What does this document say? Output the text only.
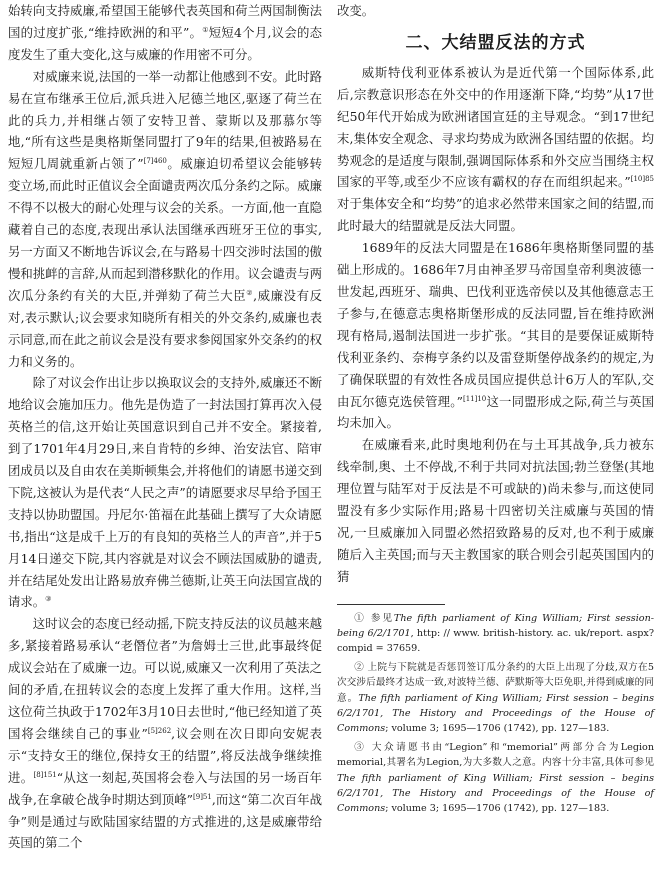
始转向支持威廉,希望国王能够代表英国和荷兰两国制衡法国的过度扩张,“维持欧洲的和平”。①短短4个月,议会的态度发生了重大变化,这与威廉的作用密不可分。

对威廉来说,法国的一举一动都让他感到不安。此时路易在宣布继承王位后,派兵进入尼德兰地区,驱逐了荷兰在此的兵力,并相继占领了安特卫普、蒙斯以及那慕尔等地,“所有这些是奥格斯堡同盟打了9年的结果,但被路易在短短几周就重新占领了”$^{[7]460}$。威廉迫切希望议会能够转变立场,而此时正值议会全面谴责两次瓜分条约之际。威廉不得不以极大的耐心处理与议会的关系。一方面,他一直隐藏着自己的态度,表现出承认法国继承西班牙王位的事实,另一方面又不断地告诉议会,在与路易十四交涉时法国的傲慢和挑衅的言辞,从而起到潜移默化的作用。议会谴责与两次瓜分条约有关的大臣,并弹劾了荷兰大臣②,威廉没有反对,表示默认;议会要求知晓所有相关的外交条约,威廉也表示同意,而在此之前议会是没有要求参阅国家外交条约的权力和义务的。

除了对议会作出让步以换取议会的支持外,威廉还不断地给议会施加压力。他先是伪造了一封法国打算再次入侵英格兰的信,这开始让英国意识到自己并不安全。紧接着,到了1701年4月29日,来自肯特的乡绅、治安法官、陪审团成员以及自由农在美斯顿集会,并将他们的请愿书递交到下院,这被认为是代表“人民之声”的请愿要求尽早给予国王支持以协助盟国。丹尼尔·笛福在此基础上撰写了大众请愿书,指出“这是成千上万的有良知的英格兰人的声音”,并于5月14日递交下院,其内容就是对议会不顾法国威胁的谴责,并在结尾处发出让路易放弃佛兰德斯,让英王向法国宣战的请求。③

这时议会的态度已经动摇,下院支持反法的议员越来越多,紧接着路易承认“老僭位者”为詹姆士三世,此事最终促成议会站在了威廉一边。可以说,威廉又一次利用了英法之间的矛盾,在扭转议会的态度上发挥了重大作用。这样,当这位荷兰执政于1702年3月10日去世时,“他已经知道了英国将会继续自己的事业”$^{[5]262}$,议会则在次日即向安妮表示“支持女王的继位,保持女王的结盟”,将反法战争继续推进。$^{[8]151}$“从这一刻起,英国将会卷入与法国的另一场百年战争,在拿破仑战争时期达到顶峰”$^{[9]51}$,而这“第二次百年战争”则是通过与欧陆国家结盟的方式推进的,这是威廉带给英国的第二个

改变。

二、大结盟反法的方式

威斯特伐利亚体系被认为是近代第一个国际体系,此后,宗教意识形态在外交中的作用逐渐下降,“均势”从17世纪50年代开始成为欧洲诸国宣廷的主导观念。“到17世纪末,集体安全观念、寻求均势成为欧洲各国结盟的依据。均势观念的是适度与限制,强调国际体系和外交应当围绕主权国家的平等,或至少不应该有霸权的存在而组织起来。”$^{[10]85}$对于集体安全和“均势”的追求必然带来国家之间的结盟,而此时最大的结盟就是反法大同盟。

1689年的反法大同盟是在1686年奥格斯堡同盟的基础上形成的。1686年7月由神圣罗马帝国皇帝利奥波德一世发起,西班牙、瑞典、巴伐利亚选帝侯以及其他德意志王子参与,在德意志奥格斯堡形成的反法同盟,旨在维持欧洲现有格局,遏制法国进一步扩张。“其目的是要保证威斯特伐利亚条约、奈梅亨条约以及雷登斯堡停战条约的规定,为了确保联盟的有效性各成员国应提供总计6万人的军队,交由瓦尔德克选侯管理。”$^{[11]10}$这一同盟形成之际,荷兰与英国均未加入。

在威廉看来,此时奥地利仍在与土耳其战争,兵力被东线牵制,奥、土不停战,不利于共同对抗法国;勃兰登堡(其地理位置与陆军对于反法是不可或缺的)尚未参与,而这使同盟没有多少实际作用;路易十四密切关注威廉与英国的情况,一旦威廉加入同盟必然招致路易的反对,也不利于威廉随后入主英国;而与天主教国家的联合则会引起英国国内的猜

① 参见The fifth parliament of King William; First session-being 6/2/1701, http: // www. british-history. ac. uk/report. aspx? compid = 37659.

② 上院与下院就是否惩罚签订瓜分条约的大臣上出现了分歧,双方在5次交涉后最终才达成一致,对波特兰德、萨默斯等大臣免职,并得到威廉的同意。The fifth parliament of King William; First session – begins 6/2/1701, The History and Proceedings of the House of Commons; volume 3; 1695—1706 (1742), pp. 127—183.

③ 大众请愿书由“Legion”和“memorial”两部分合为Legion memorial,其署名为Legion,为大多数人之意。内容十分丰富,具体可参见The fifth parliament of King William; First session – begins 6/2/1701, The History and Proceedings of the House of Commons; volume 3; 1695—1706 (1742), pp. 127—183.
